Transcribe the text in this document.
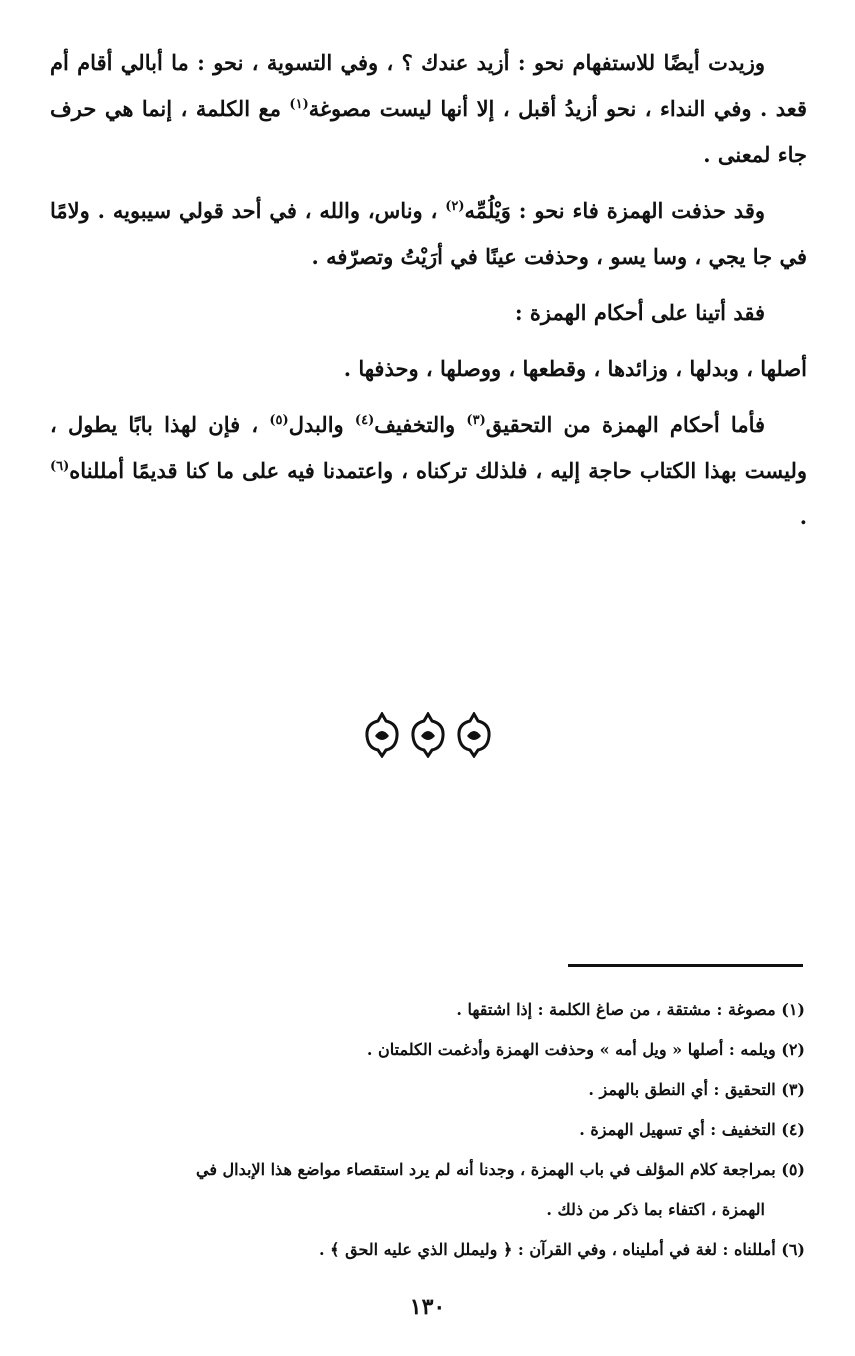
وزيدت أيضًا للاستفهام نحو : أزيد عندك ؟ ، وفي التسوية ، نحو : ما أبالي أقام أم قعد . وفي النداء ، نحو أزيدُ أقبل ، إلا أنها ليست مصوغة$^{(١)}$ مع الكلمة ، إنما هي حرف جاء لمعنى .

وقد حذفت الهمزة فاء نحو : وَيْلُمِّه$^{(٢)}$ ، وناس، والله ، في أحد قولي سيبويه . ولامًا في جا يجي ، وسا يسو ، وحذفت عينًا في أرَيْتُ وتصرّفه .

فقد أتينا على أحكام الهمزة :

أصلها ، وبدلها ، وزائدها ، وقطعها ، ووصلها ، وحذفها .

فأما أحكام الهمزة من التحقيق$^{(٣)}$ والتخفيف$^{(٤)}$ والبدل$^{(٥)}$ ، فإن لهذا بابًا يطول ، وليست بهذا الكتاب حاجة إليه ، فلذلك تركناه ، واعتمدنا فيه على ما كنا قديمًا أمللناه$^{(٦)}$ .

(١) مصوغة : مشتقة ، من صاغ الكلمة : إذا اشتقها .

(٢) ويلمه : أصلها « ويل أمه » وحذفت الهمزة وأدغمت الكلمتان .

(٣) التحقيق : أي النطق بالهمز .

(٤) التخفيف : أي تسهيل الهمزة .

(٥) بمراجعة كلام المؤلف في باب الهمزة ، وجدنا أنه لم يرد استقصاء مواضع هذا الإبدال في

الهمزة ، اكتفاء بما ذكر من ذلك .

(٦) أمللناه : لغة في أمليناه ، وفي القرآن : ﴿ وليملل الذي عليه الحق ﴾ .

١٣٠
